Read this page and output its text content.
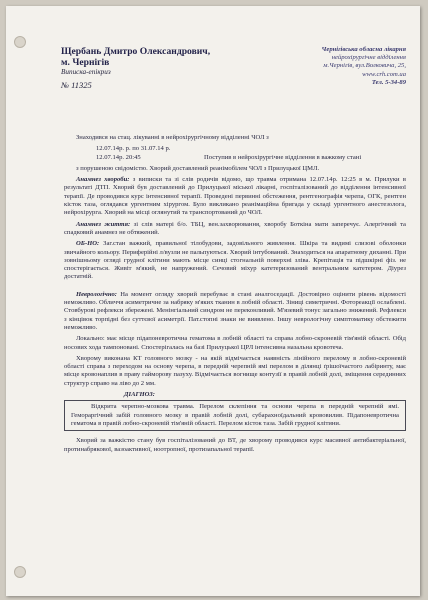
Щербань Дмитро Олександрович,
м. Чернігів
Виписка-епікриз
№ 11325
Чернігівська обласна лікарня
нейрохірургічне відділення
м.Чернігів, вул.Волковича, 25,
www.crh.com.ua
Тел. 5-34-89

Знаходився на стац. лікуванні в нейрохірургічному відділенні ЧОЛ з

12.07.14р. р. по 31.07.14 р.
12.07.14р. 20:45	Поступив в нейрохірургічне відділення в важкому стані

з порушеною свідомістю. Хворий доставлений реанімобілем ЧОЛ з Прилуцької ЦМЛ.

Анамнез хвороби: з виписки та зі слів родичів відомо, що травма отримана 12.07.14р. 12:25 в м. Прилуки в результаті ДТП. Хворий був доставлений до Прилуцької міської лікарні, госпіталізований до відділення інтенсивної терапії. Де проводився курс інтенсивної терапії. Проведені первинні обстеження, рентгенографія черепа, ОГК, рентген кісток таза, оглядався ургентним хірургом. Було викликано реанімаційна бригада у складі ургентного анестезолога, нейрохірурга. Хворий на місці оглянутий та транспортований до ЧОЛ.

Анамнез життя: зі слів матері б/о. ТБЦ, вен.захворювання, хворобу Боткіна мати заперечує. Алергічний та спадковий анамнез не обтяжений.

ОБ-НО: Заг.стан важкий, правильної тілобудови, задовільного живлення. Шкіра та видимі слизові оболонки звичайного кольору. Периферійні л/вузли не пальпуються. Хворий інтубований. Знаходиться на апаратному диханні. При зовнішньому огляді грудної клітини мають місце синці стогнальній поверхні зліва. Крепітація та підшкірні фіз. не спостерігається. Живіт м'який, не напружений. Сечовий міхур катетеризований вентральним катетером. Діурез достатній.

Неврологічно: На момент огляду хворий перебуває в стані аналгоседації. Достовірно оцінити рівень відомості неможливо. Обличчя асиметричне за набряку м'яких тканин в лобній області. Зіниці симетричні. Фотореакції ослаблені. Стовбурові рефлекси збережені. Менінгіальний синдром не переконливий. М'язевий тонус загально знижений. Рефлекси з кінцівок торпідні без суттєвої асиметрії. Пат.стопні знаки не виявлено. Іншу неврологічну симптоматику обстежити неможливо.

Локально: має місце підапоневротична гематома в лобній області та справа лобно-скроневій тім'яній області. Обід носових хода тампоновані. Спостерігалась на базі Прилуцької ЦРЛ інтенсивна назальна кровотеча.

Хворому виконана КТ головного мозку - на якій відмічається наявність лінійного перелому в лобно-скроневій області справа з переходом на основу черепа, в передній черепній ямі перелом в ділянці ґрішоїчастого лабіринту, має місце кровонаплив в праву гайморову пазуху. Відмічається вогнище контузії в правій лобній долі, зміщення серединних структур справо на ліво до 2 мм.

ДІАГНОЗ:

Відкрита черепно-мозкова травма. Перелом склепіння та основи черепа в передній черепній ямі. Гемораргічний забій головного мозку в правій лобній долі, субарахноїдальний крововилив. Підапоневротична гематома в правій лобно-скроневій тім'яній області. Перелом кісток таза. Забій грудної клітини.

Хворий за важкістю стану був госпіталізований до ВТ, де хворому проводився курс масивної антибактеріальної, протинабрякової, вазоактивної, ноотропної, протизапальної терапії.
